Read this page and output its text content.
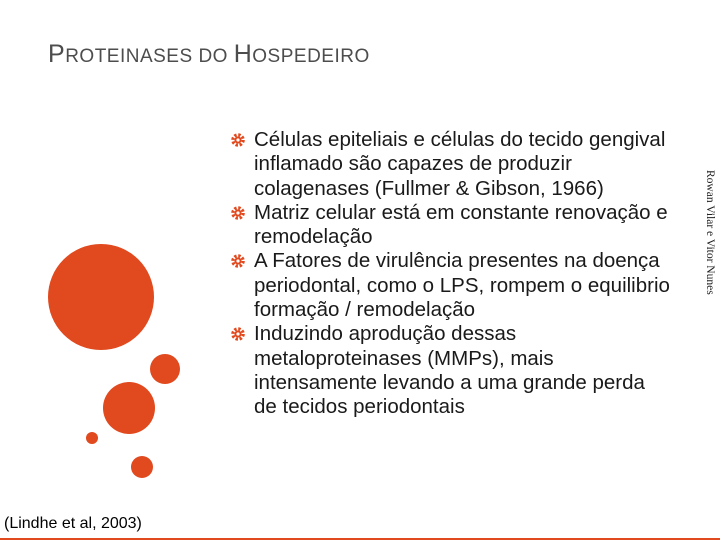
PROTEINASES DO HOSPEDEIRO
Rowan Vilar e Vitor Nunes
Células epiteliais e células do tecido gengival inflamado são capazes de produzir colagenases (Fullmer & Gibson, 1966)
Matriz celular está em constante renovação e remodelação
A Fatores de virulência presentes na doença periodontal, como o LPS, rompem o equilibrio formação / remodelação
Induzindo aprodução dessas metaloproteinases (MMPs), mais intensamente levando a uma grande perda de tecidos periodontais
(Lindhe et al, 2003)
